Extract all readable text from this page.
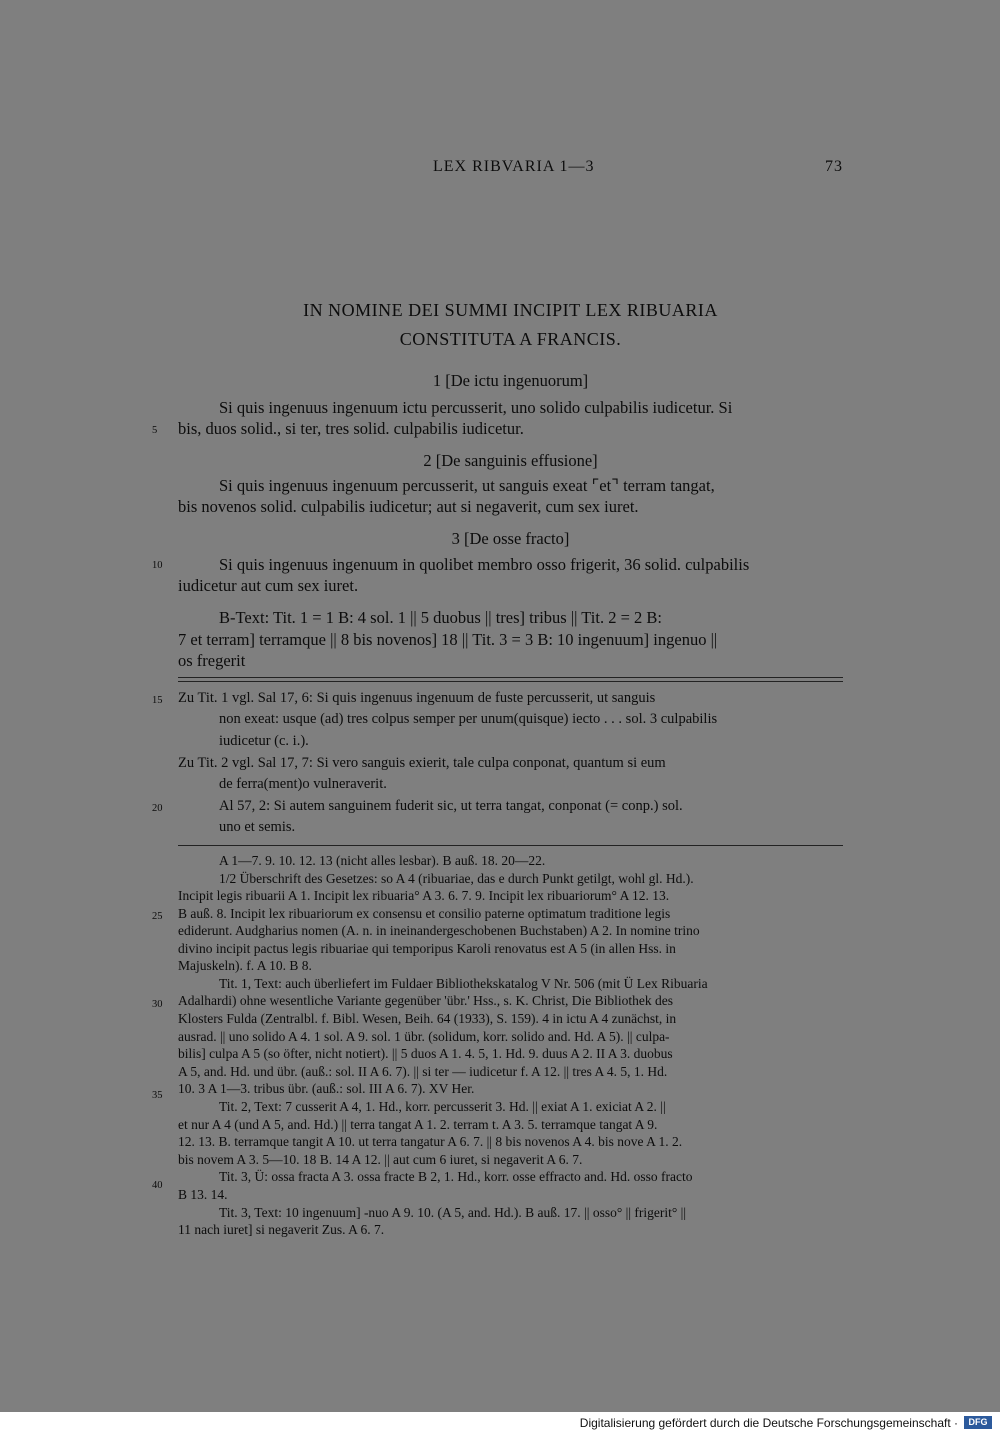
LEX RIBVARIA 1—3	73
IN NOMINE DEI SUMMI INCIPIT LEX RIBUARIA
CONSTITUTA A FRANCIS.
1 [De ictu ingenuorum]
Si quis ingenuus ingenuum ictu percusserit, uno solido culpabilis iudicetur. Si
bis, duos solid., si ter, tres solid. culpabilis iudicetur.
2 [De sanguinis effusione]
Si quis ingenuus ingenuum percusserit, ut sanguis exeat ⌜et⌝ terram tangat,
bis novenos solid. culpabilis iudicetur; aut si negaverit, cum sex iuret.
3 [De osse fracto]
Si quis ingenuus ingenuum in quolibet membro osso frigerit, 36 solid. culpabilis
iudicetur aut cum sex iuret.
B-Text: Tit. 1 = 1 B: 4 sol. 1 || 5 duobus || tres] tribus || Tit. 2 = 2 B:
7 et terram] terramque || 8 bis novenos] 18 || Tit. 3 = 3 B: 10 ingenuum] ingenuo ||
os fregerit
Zu Tit. 1 vgl. Sal 17, 6: Si quis ingenuus ingenuum de fuste percusserit, ut sanguis
non exeat: usque (ad) tres colpus semper per unum(quisque) iecto . . . sol. 3 culpabilis
iudicetur (c. i.).
Zu Tit. 2 vgl. Sal 17, 7: Si vero sanguis exierit, tale culpa conponat, quantum si eum
de ferra(ment)o vulneraverit.
Al 57, 2: Si autem sanguinem fuderit sic, ut terra tangat, conponat (= conp.) sol.
uno et semis.
A 1—7. 9. 10. 12. 13 (nicht alles lesbar). B auß. 18. 20—22.
1/2 Überschrift des Gesetzes: so A 4 (ribuariae, das e durch Punkt getilgt, wohl gl. Hd.).
Incipit legis ribuarii A 1. Incipit lex ribuaria° A 3. 6. 7. 9. Incipit lex ribuariorum° A 12. 13.
B auß. 8. Incipit lex ribuariorum ex consensu et consilio paterne optimatum traditione legis
ediderunt. Audgharius nomen (A. n. in ineinandergeschobenen Buchstaben) A 2. In nomine trino
divino incipit pactus legis ribuariae qui temporipus Karoli renovatus est A 5 (in allen Hss. in
Majuskeln). f. A 10. B 8.
Tit. 1, Text: auch überliefert im Fuldaer Bibliothekskatalog V Nr. 506 (mit Ü Lex Ribuaria
Adalhardi) ohne wesentliche Variante gegenüber 'übr.' Hss., s. K. Christ, Die Bibliothek des
Klosters Fulda (Zentralbl. f. Bibl. Wesen, Beih. 64 (1933), S. 159). 4 in ictu A 4 zunächst, in
ausrad. || uno solido A 4. 1 sol. A 9. sol. 1 übr. (solidum, korr. solido and. Hd. A 5). || culpa-
bilis] culpa A 5 (so öfter, nicht notiert). || 5 duos A 1. 4. 5, 1. Hd. 9. duus A 2. II A 3. duobus
A 5, and. Hd. und übr. (auß.: sol. II A 6. 7). || si ter — iudicetur f. A 12. || tres A 4. 5, 1. Hd.
10. 3 A 1—3. tribus übr. (auß.: sol. III A 6. 7). XV Her.
Tit. 2, Text: 7 cusserit A 4, 1. Hd., korr. percusserit 3. Hd. || exiat A 1. exiciat A 2. ||
et nur A 4 (und A 5, and. Hd.) || terra tangat A 1. 2. terram t. A 3. 5. terramque tangat A 9.
12. 13. B. terramque tangit A 10. ut terra tangatur A 6. 7. || 8 bis novenos A 4. bis nove A 1. 2.
bis novem A 3. 5—10. 18 B. 14 A 12. || aut cum 6 iuret, si negaverit A 6. 7.
Tit. 3, Ü: ossa fracta A 3. ossa fracte B 2, 1. Hd., korr. osse effracto and. Hd. osso fracto
B 13. 14.
Tit. 3, Text: 10 ingenuum] -nuo A 9. 10. (A 5, and. Hd.). B auß. 17. || osso° || frigerit° ||
11 nach iuret] si negaverit Zus. A 6. 7.
5
10
15
20
25
30
35
40
Digitalisierung gefördert durch die Deutsche Forschungsgemeinschaft ·	DFG
